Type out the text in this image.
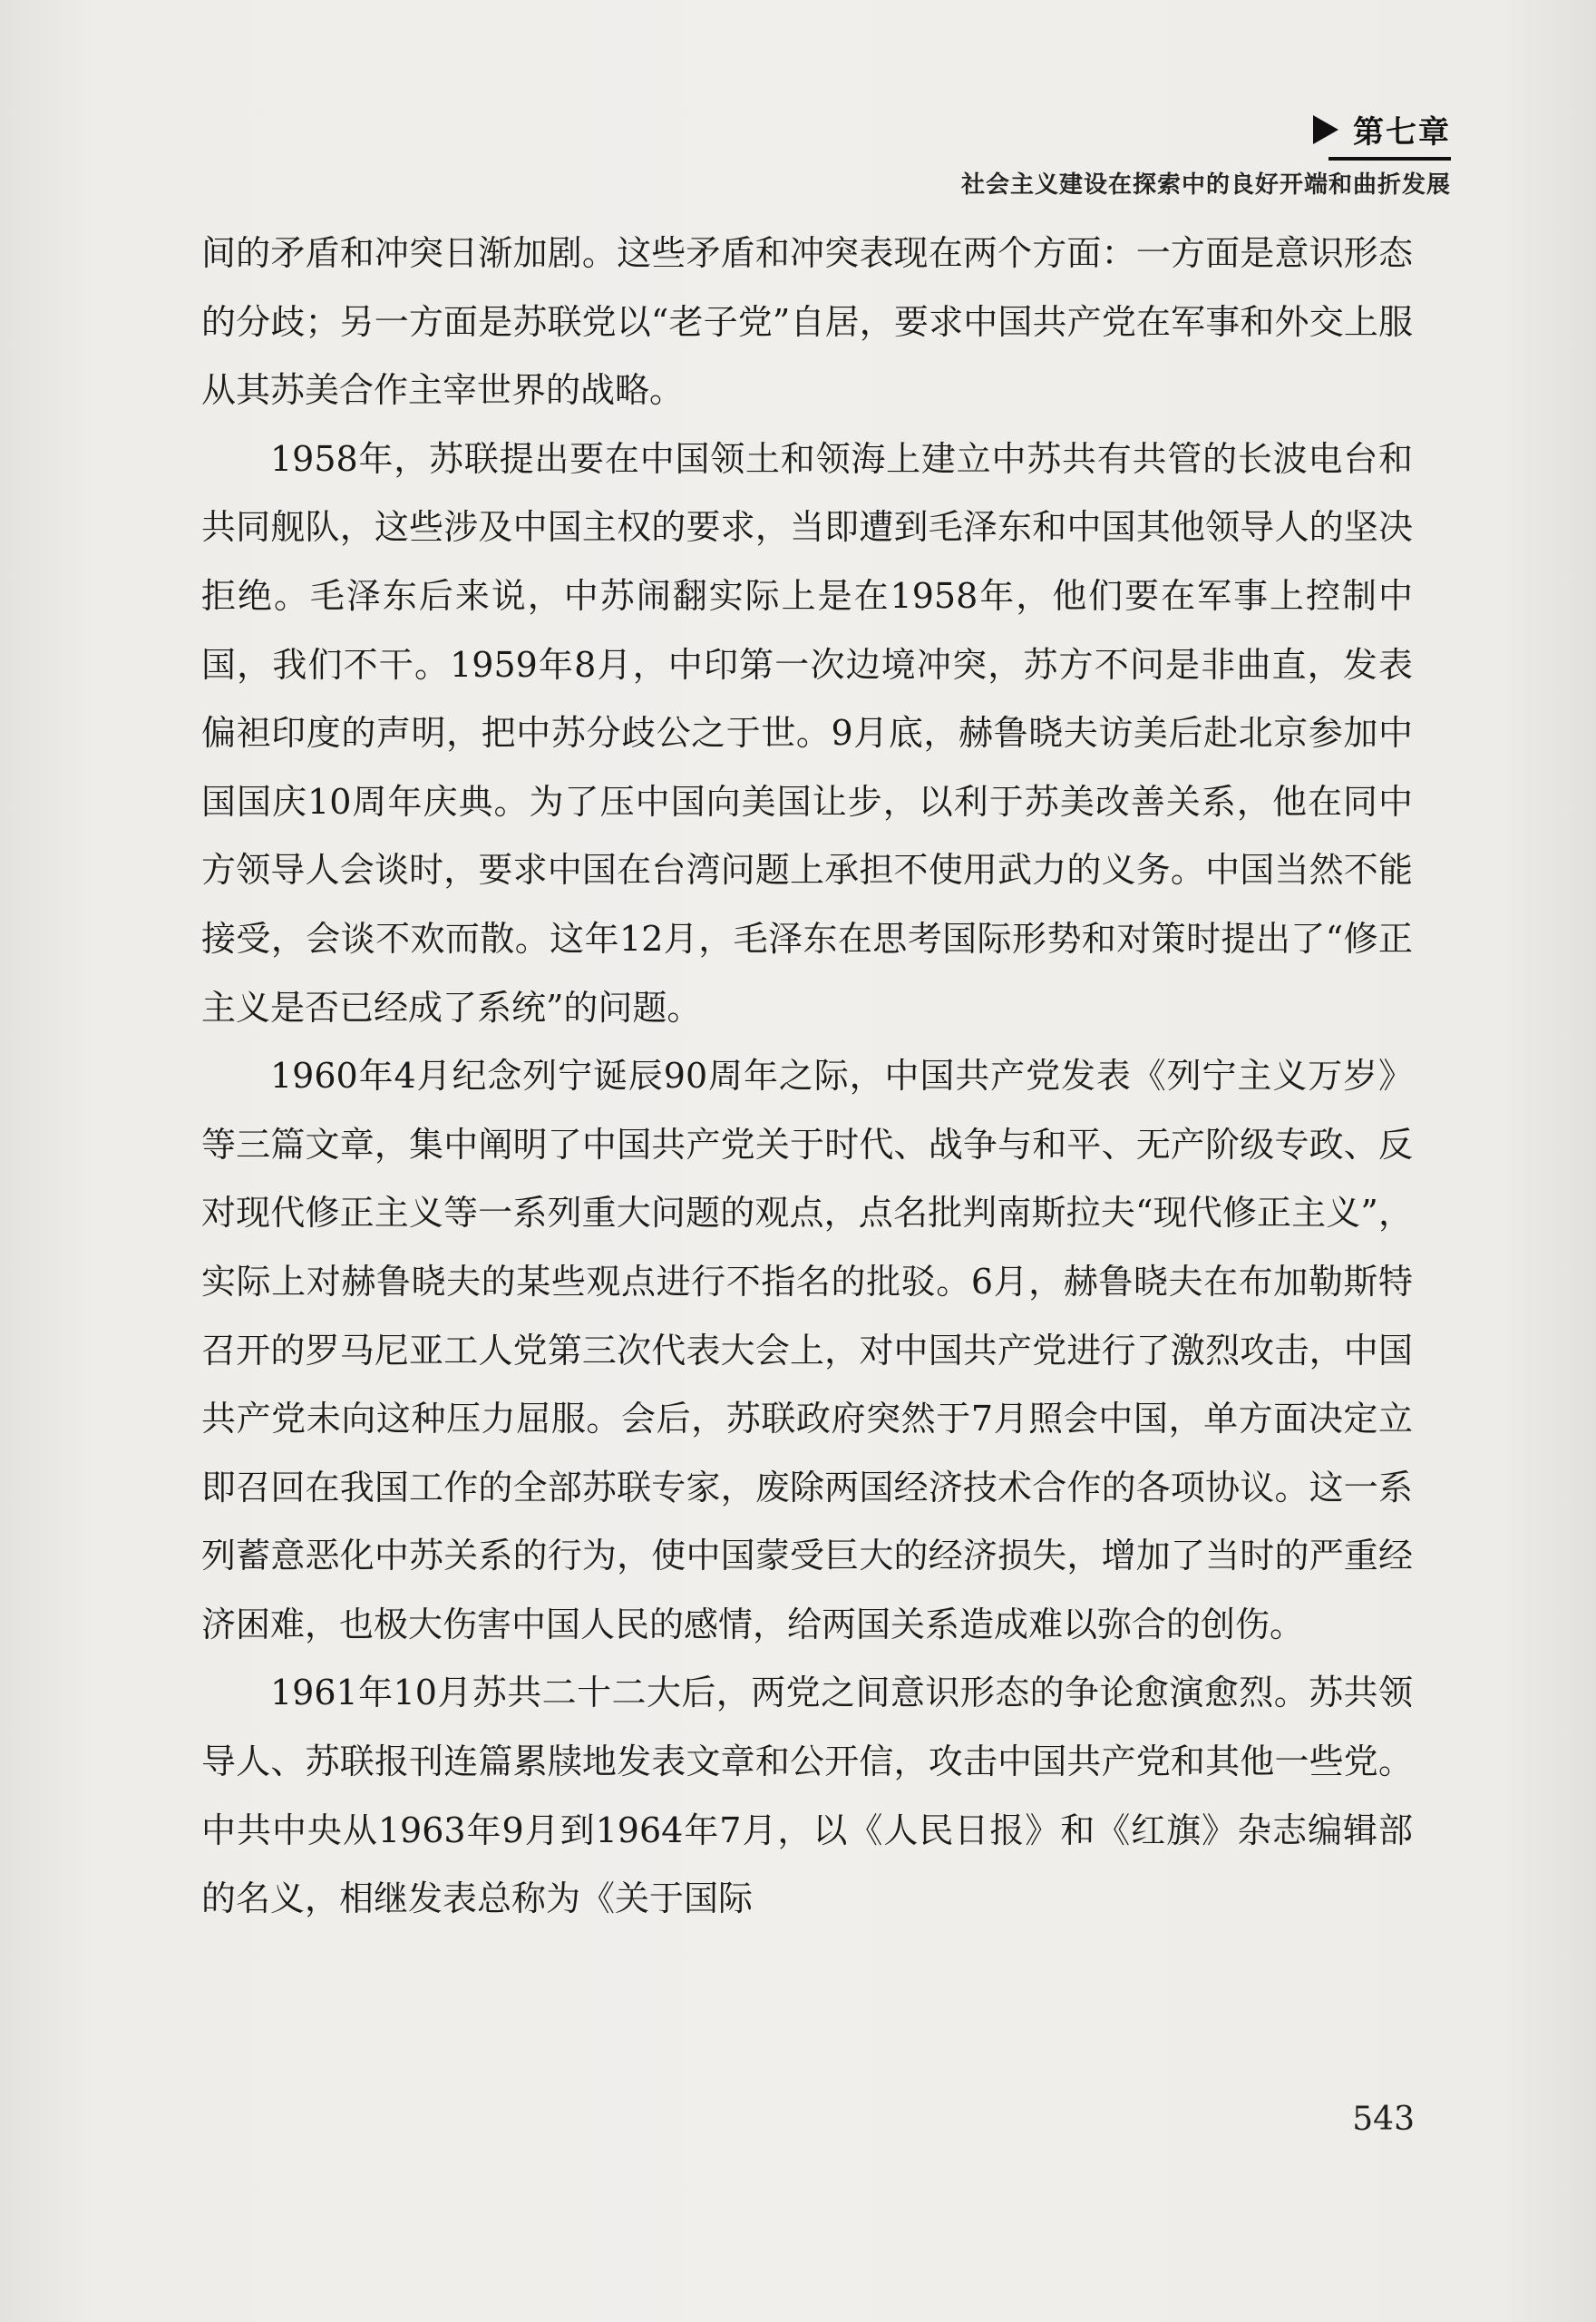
第七章
社会主义建设在探索中的良好开端和曲折发展

间的矛盾和冲突日渐加剧。这些矛盾和冲突表现在两个方面：一方面是意识形态的分歧；另一方面是苏联党以“老子党”自居，要求中国共产党在军事和外交上服从其苏美合作主宰世界的战略。

1958年，苏联提出要在中国领土和领海上建立中苏共有共管的长波电台和共同舰队，这些涉及中国主权的要求，当即遭到毛泽东和中国其他领导人的坚决拒绝。毛泽东后来说，中苏闹翻实际上是在1958年，他们要在军事上控制中国，我们不干。1959年8月，中印第一次边境冲突，苏方不问是非曲直，发表偏袒印度的声明，把中苏分歧公之于世。9月底，赫鲁晓夫访美后赴北京参加中国国庆10周年庆典。为了压中国向美国让步，以利于苏美改善关系，他在同中方领导人会谈时，要求中国在台湾问题上承担不使用武力的义务。中国当然不能接受，会谈不欢而散。这年12月，毛泽东在思考国际形势和对策时提出了“修正主义是否已经成了系统”的问题。

1960年4月纪念列宁诞辰90周年之际，中国共产党发表《列宁主义万岁》等三篇文章，集中阐明了中国共产党关于时代、战争与和平、无产阶级专政、反对现代修正主义等一系列重大问题的观点，点名批判南斯拉夫“现代修正主义”，实际上对赫鲁晓夫的某些观点进行不指名的批驳。6月，赫鲁晓夫在布加勒斯特召开的罗马尼亚工人党第三次代表大会上，对中国共产党进行了激烈攻击，中国共产党未向这种压力屈服。会后，苏联政府突然于7月照会中国，单方面决定立即召回在我国工作的全部苏联专家，废除两国经济技术合作的各项协议。这一系列蓄意恶化中苏关系的行为，使中国蒙受巨大的经济损失，增加了当时的严重经济困难，也极大伤害中国人民的感情，给两国关系造成难以弥合的创伤。

1961年10月苏共二十二大后，两党之间意识形态的争论愈演愈烈。苏共领导人、苏联报刊连篇累牍地发表文章和公开信，攻击中国共产党和其他一些党。中共中央从1963年9月到1964年7月，以《人民日报》和《红旗》杂志编辑部的名义，相继发表总称为《关于国际

543
